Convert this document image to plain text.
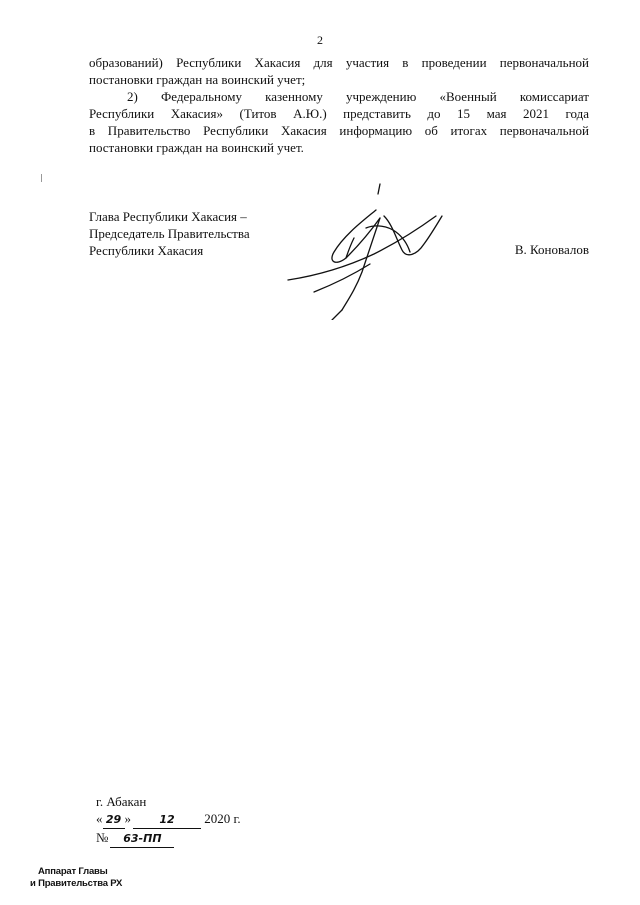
2

образований) Республики Хакасия для участия в проведении первоначальной
постановки граждан на воинский учет;

2) Федеральному казенному учреждению «Военный комиссариат
Республики Хакасия» (Титов А.Ю.) представить до 15 мая 2021 года
в Правительство Республики Хакасия информацию об итогах первоначальной
постановки граждан на воинский учет.

Глава Республики Хакасия –
Председатель Правительства
Республики Хакасия	В. Коновалов
г. Абакан
« 29 »	12 2020 г.
№ 63-ПП
Аппарат Главы
и Правительства РХ
